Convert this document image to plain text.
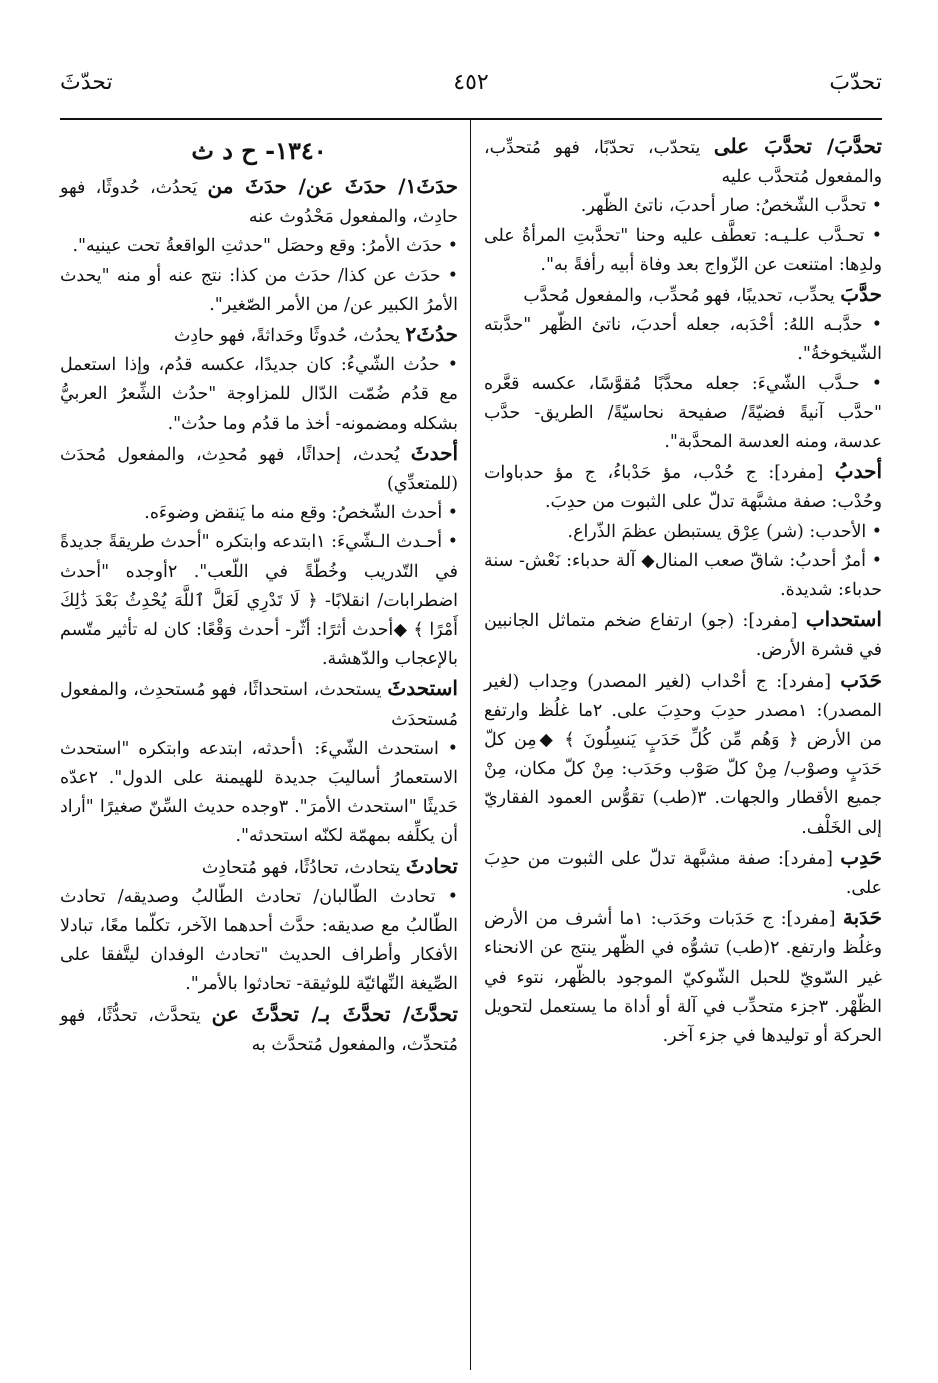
تحدّبَ
٤٥٢
تحدّثَ

تحدَّبَ/ تحدَّبَ على يتحدّب، تحدّبًا، فهو مُتحدِّب، والمفعول مُتحدَّب عليه

• تحدَّب الشّخصُ: صار أحدبَ، ناتئ الظّهر.

• تحـدَّب علـيـه: تعطَّف عليه وحنا "تحدَّبتِ المرأةُ على ولدِها: امتنعت عن الزّواج بعد وفاة أبيه رأفةً به".

حدَّبَ يحدِّب، تحديبًا، فهو مُحدِّب، والمفعول مُحدَّب

• حدَّبـه اللهُ: أحْدَبه، جعله أحدبَ، ناتئ الظّهر "حدَّبته الشّيخوخةُ".

• حـدَّب الشّيءَ: جعله محدَّبًا مُقوَّسًا، عكسه قعَّره "حدَّب آنيةً فضيّةً/ صفيحة نحاسيّةً/ الطريق- حدَّب عدسة، ومنه العدسة المحدَّبة".

أحدبُ [مفرد]: ج حُدْب، مؤ حَدْباءُ، ج مؤ حدباوات وحُدْب: صفة مشبَّهة تدلّ على الثبوت من حدِبَ.

• الأحدب: (شر) عِرْق يستبطن عظمَ الذّراع.

• أمرٌ أحدبُ: شاقّ صعب المنال◆ آلة حدباء: نَعْش- سنة حدباء: شديدة.

استحداب [مفرد]: (جو) ارتفاع ضخم متماثل الجانبين في قشرة الأرض.

حَدَب [مفرد]: ج أحْداب (لغير المصدر) وحِداب (لغير المصدر): ١مصدر حدِبَ وحدِبَ على. ٢ما غلُظ وارتفع من الأرض ﴿ وَهُم مِّن كُلِّ حَدَبٍ يَنسِلُونَ ﴾ ◆مِن كلّ حَدَبٍ وصوْب/ مِنْ كلّ صَوْب وحَدَب: مِنْ كلّ مكان، مِنْ جميع الأقطار والجهات. ٣(طب) تقوُّس العمود الفقاريّ إلى الخَلْف.

حَدِب [مفرد]: صفة مشبَّهة تدلّ على الثبوت من حدِبَ على.

حَدَبة [مفرد]: ج حَدَبات وحَدَب: ١ما أشرف من الأرض وغلُظ وارتفع. ٢(طب) تشوُّه في الظّهر ينتج عن الانحناء غير السّويّ للحبل الشّوكيّ الموجود بالظّهر، نتوء في الظّهْر. ٣جزء متحدِّب في آلة أو أداة ما يستعمل لتحويل الحركة أو توليدها في جزء آخر.

١٣٤٠- ح د ث

حدَثَ١/ حدَثَ عن/ حدَثَ من يَحدُث، حُدوثًا، فهو حادِث، والمفعول مَحْدُوث عنه

• حدَث الأمرُ: وقع وحصَل "حدثتِ الواقعةُ تحت عينيه".

• حدَث عن كذا/ حدَث من كذا: نتج عنه أو منه "يحدث الأمرُ الكبير عن/ من الأمر الصّغير".

حدُثَ٢ يحدُث، حُدوثًا وحَداثةً، فهو حادِث

• حدُث الشّيءُ: كان جديدًا، عكسه قدُم، وإذا استعمل مع قدُم ضُمّت الدّال للمزاوجة "حدُث الشِّعرُ العربيُّ بشكله ومضمونه- أخذ ما قدُم وما حدُث".

أحدثَ يُحدث، إحداثًا، فهو مُحدِث، والمفعول مُحدَث (للمتعدِّي)

• أحدث الشّخصُ: وقع منه ما يَنقض وضوءَه.

• أحـدث الـشّيءَ: ١ابتدعه وابتكره "أحدث طريقةً جديدةً في التّدريب وخُطّةً في اللّعب". ٢أوجده "أحدث اضطرابات/ انقلابًا- ﴿ لَا تَدْرِي لَعَلَّ ٱللَّهَ يُحْدِثُ بَعْدَ ذَٰلِكَ أَمْرًا ﴾ ◆أحدث أثرًا: أثّر- أحدث وَقْعًا: كان له تأثير متّسم بالإعجاب والدّهشة.

استحدثَ يستحدث، استحداثًا، فهو مُستحدِث، والمفعول مُستحدَث

• استحدث الشّيءَ: ١أحدثه، ابتدعه وابتكره "استحدث الاستعمارُ أساليبَ جديدة للهيمنة على الدول". ٢عدّه حَديثًا "استحدث الأمرَ". ٣وجده حديث السِّنّ صغيرًا "أراد أن يكلِّفه بمهمّة لكنّه استحدثه".

تحادثَ يتحادث، تحادُثًا، فهو مُتحادِث

• تحادث الطّالبان/ تحادث الطّالبُ وصديقه/ تحادث الطّالبُ مع صديقه: حدَّث أحدهما الآخر، تكلّما معًا، تبادلا الأفكار وأطراف الحديث "تحادث الوفدان ليتَّفقا على الصِّيغة النِّهائيّة للوثيقة- تحادثوا بالأمر".

تحدَّثَ/ تحدَّثَ بـ/ تحدَّثَ عن يتحدَّث، تحدُّثًا، فهو مُتحدِّث، والمفعول مُتحدَّث به
